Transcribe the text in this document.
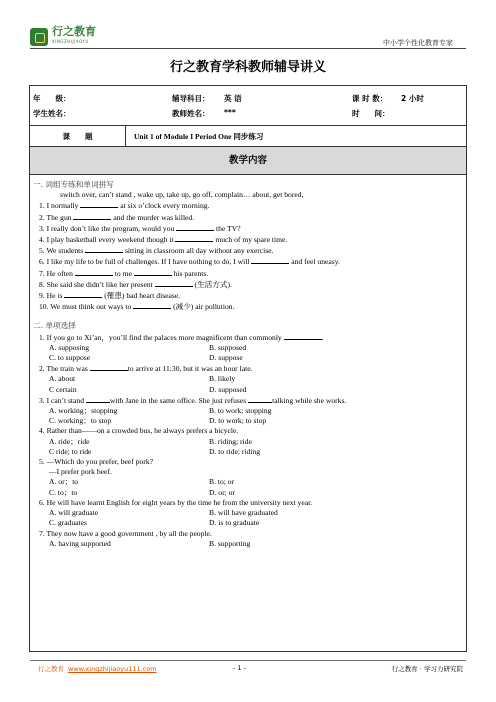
行之教育
XINGZHIJIAOYU	中小学个性化教育专家
行之教育学科教师辅导讲义
年　　级：	辅导科目： 英 语	课 时 数： 2 小时
学生姓名：	教师姓名： ***	时　　间：
课　　题	Unit 1 of Module I Period One 同步练习
教学内容
一. 词组专练和单词拼写
switch over, can’t stand , wake up, take up, go off, complain… about, get bored,
1. I normally	at six o’clock every morning.
2. The gun	and the murder was killed.
3. I really don’t like the program, would you	the TV?
4. I play basketball every weekend though it	much of my spare time.
5. We students	sitting in classroom all day without any exercise.
6. I like my life to be full of challenges. If I have nothing to do, I will	and feel uneasy.
7. He often	to me	his parents.
8. She said she didn’t like her present	(生活方式).
9. He is	(罹患) bad heart disease.
10. We must think out ways to	(减少) air pollution.
二. 单项选择
1. If you go to Xi’an，you’ll find the palaces more magnificent than commonly	.
A. supposing	B. supposed
C. to suppose	D. suppose
2. The train was	to arrive at 11:30, but it was an hour late.
A. about	B. likely
C certain	D. supposed
3. I can’t stand	with Jane in the same office. She just refuses	talking while she works.
A. working；stopping	B. to work; stopping
C. working；to stop	D. to work; to stop
4. Rather than——on a crowded bus, he always prefers a bicycle.
A. ride；ride	B. riding; ride
C ride; to ride	D. to ride; riding
5. —Which do you prefer, beef pork?
—I prefer pork beef.
A. or；to	B. to; or
C. to；to	D. or; or
6. He will have learnt English for eight years by the time he from the university next year.
A. will graduate	B. will have graduated
C. graduates	D. is to graduate
7. They now have a good government , by all the people.
A. having supported	B. supporting
行之教育 www.xingzhijiaoyu111.com	- 1 -	行之教育 · 学习力研究院
